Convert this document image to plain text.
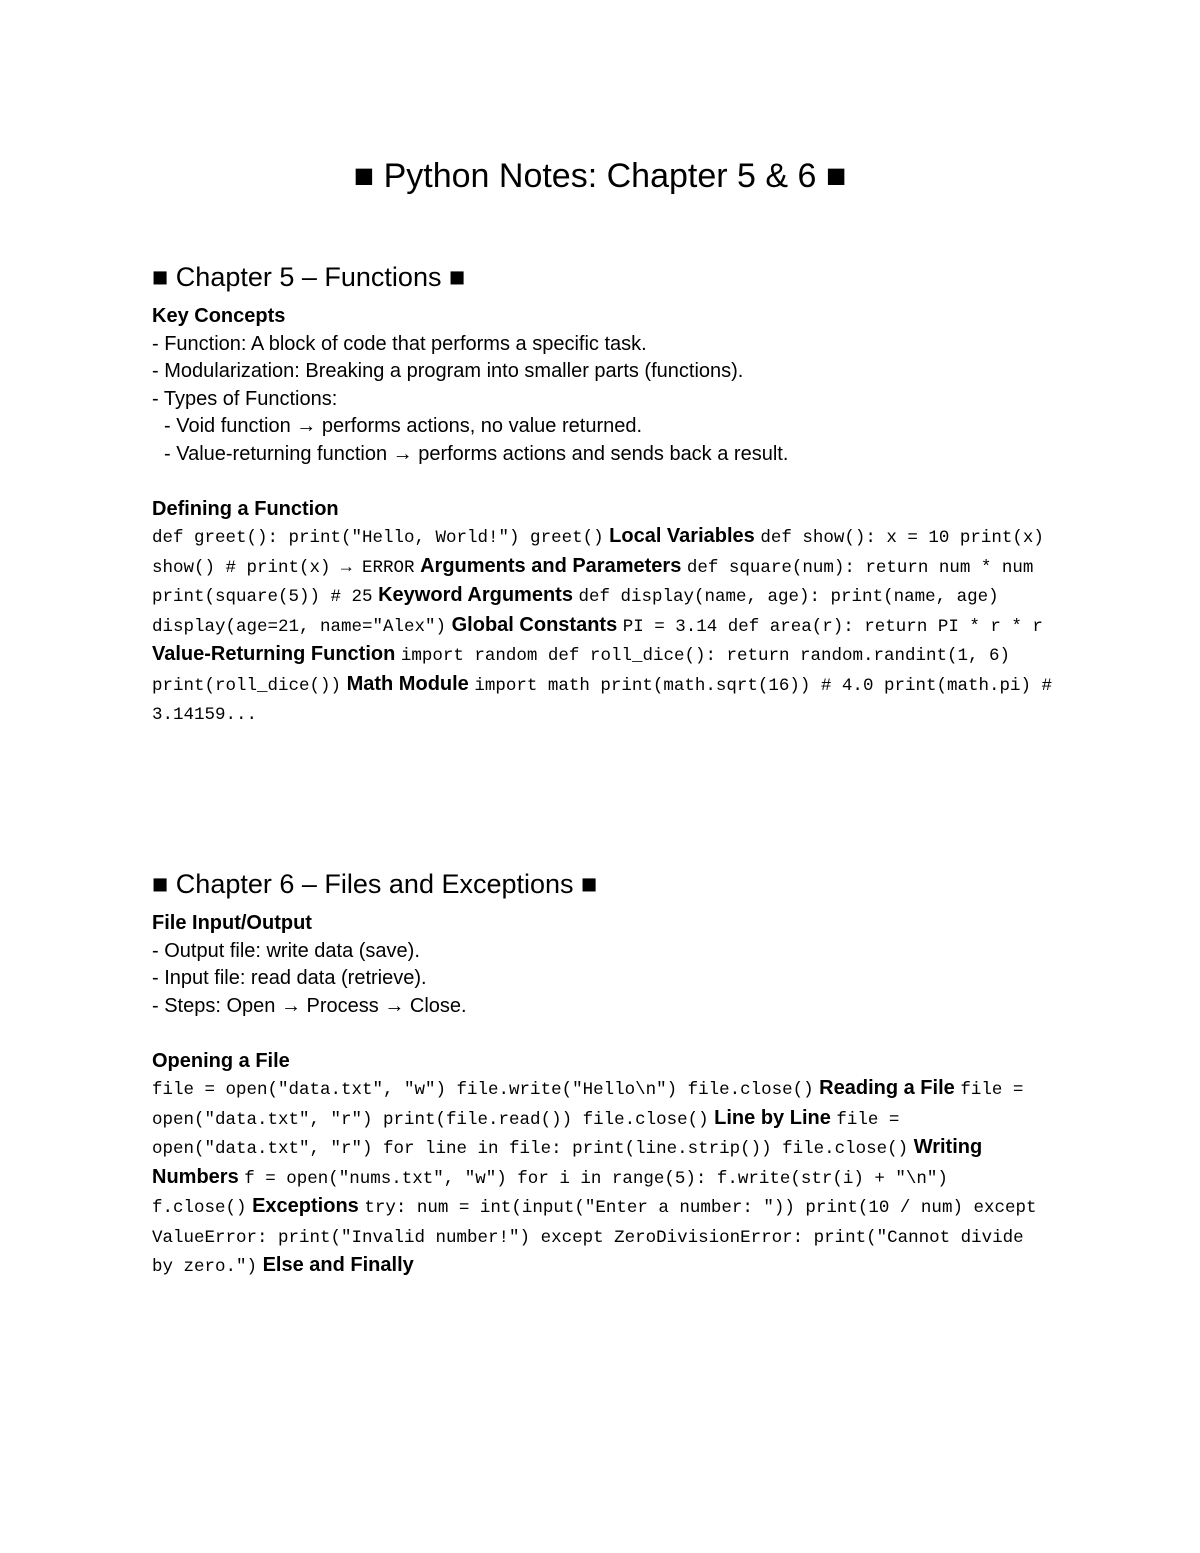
■ Python Notes: Chapter 5 & 6 ■
■ Chapter 5 – Functions ■
Key Concepts
- Function: A block of code that performs a specific task.
- Modularization: Breaking a program into smaller parts (functions).
- Types of Functions:
- Void function → performs actions, no value returned.
- Value-returning function → performs actions and sends back a result.
Defining a Function
def greet(): print("Hello, World!") greet() Local Variables def show(): x = 10 print(x) show() # print(x) → ERROR Arguments and Parameters def square(num): return num * num print(square(5)) # 25 Keyword Arguments def display(name, age): print(name, age) display(age=21, name="Alex") Global Constants PI = 3.14 def area(r): return PI * r * r Value-Returning Function import random def roll_dice(): return random.randint(1, 6) print(roll_dice()) Math Module import math print(math.sqrt(16)) # 4.0 print(math.pi) # 3.14159...
■ Chapter 6 – Files and Exceptions ■
File Input/Output
- Output file: write data (save).
- Input file: read data (retrieve).
- Steps: Open → Process → Close.
Opening a File
file = open("data.txt", "w") file.write("Hello\n") file.close() Reading a File file = open("data.txt", "r") print(file.read()) file.close() Line by Line file = open("data.txt", "r") for line in file: print(line.strip()) file.close() Writing Numbers f = open("nums.txt", "w") for i in range(5): f.write(str(i) + "\n") f.close() Exceptions try: num = int(input("Enter a number: ")) print(10 / num) except ValueError: print("Invalid number!") except ZeroDivisionError: print("Cannot divide by zero.") Else and Finally
